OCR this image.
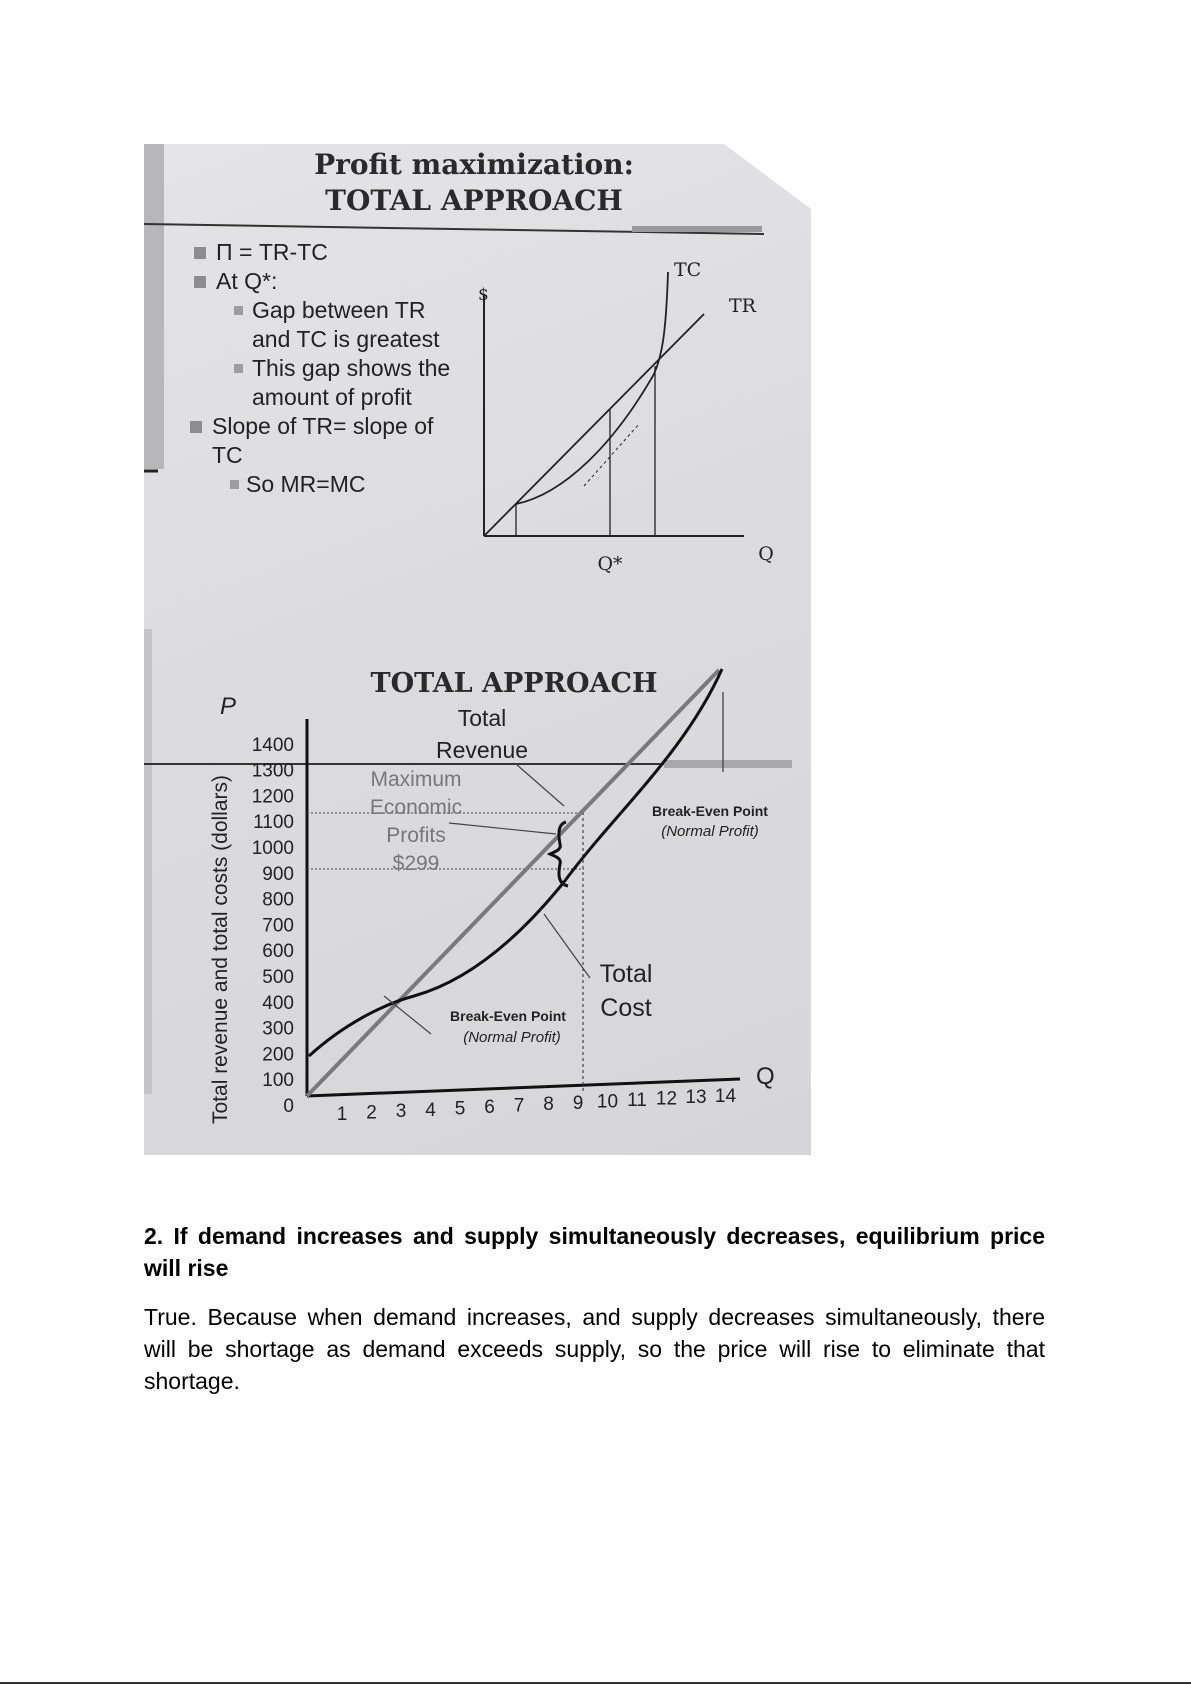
Profit maximization:
TOTAL APPROACH
$
TC
TR
Q*	Q
TOTAL APPROACH
Total revenue and total costs (dollars)
P
Q
0
100
200
300
400
500
600
700
800
900
1000
1100
1200
1300
1400
1 2 3 4 5 6 7 8 9 10 11 12 13 14
Total
Revenue
Maximum
Economic
Profits
$299
Break-Even Point
(Normal Profit)
Break-Even Point
(Normal Profit)
Total
Cost
Π = TR-TC
At Q*:
Gap between TR and TC is greatest
This gap shows the amount of profit
Slope of TR= slope of TC
So MR=MC
2. If demand increases and supply simultaneously decreases, equilibrium price will rise
True. Because when demand increases, and supply decreases simultaneously, there will be shortage as demand exceeds supply, so the price will rise to eliminate that shortage.
